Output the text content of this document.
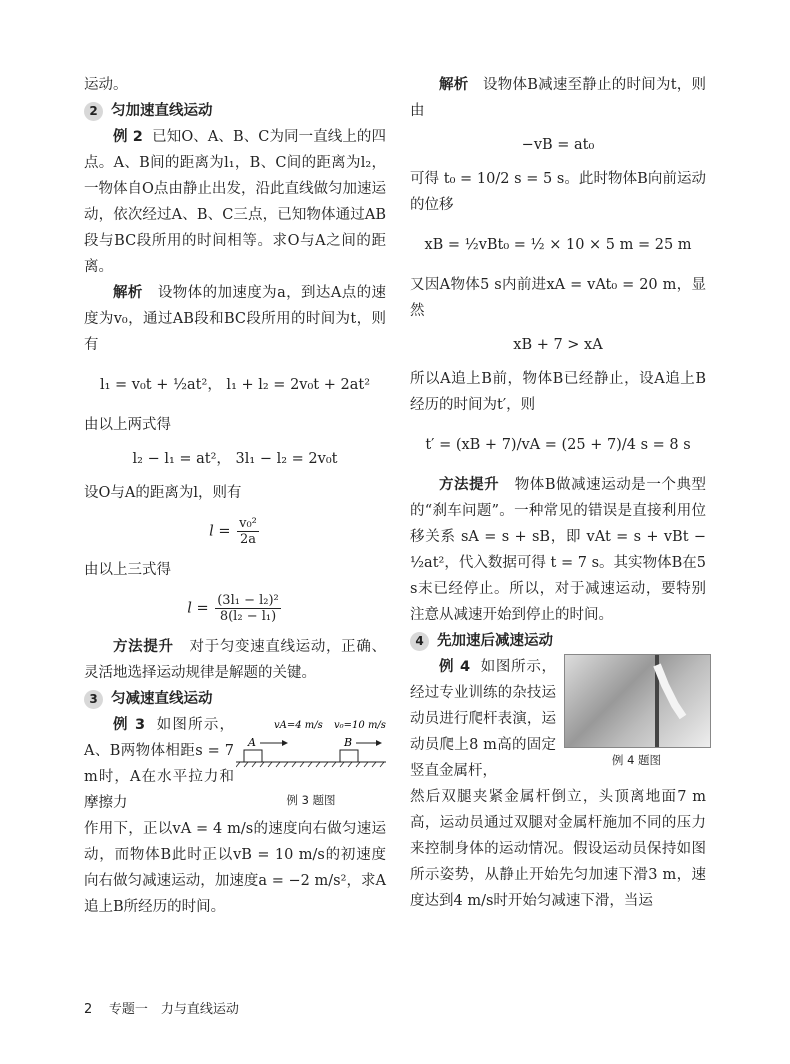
运动。

2 匀加速直线运动

例 2 已知O、A、B、C为同一直线上的四点。A、B间的距离为l₁，B、C间的距离为l₂，一物体自O点由静止出发，沿此直线做匀加速运动，依次经过A、B、C三点，已知物体通过AB段与BC段所用的时间相等。求O与A之间的距离。

解析 设物体的加速度为a，到达A点的速度为v₀，通过AB段和BC段所用的时间为t，则有

l₁ = v₀t + ½at²， l₁ + l₂ = 2v₀t + 2at²

由以上两式得

l₂ − l₁ = at²， 3l₁ − l₂ = 2v₀t

设O与A的距离为l，则有

$l = \frac{\text{v₀²}}{2a}$

由以上三式得

$l = \frac{\text{(3l₁ − l₂)²}}{\text{8(l₂ − l₁)}}$

方法提升 对于匀变速直线运动，正确、灵活地选择运动规律是解题的关键。

3 匀减速直线运动

例 3 如图所示，A、B两物体相距s = 7 m时，A在水平拉力和摩擦力

vA=4 m/s v₀=10 m/s
A	B
例 3 题图

作用下，正以vA = 4 m/s的速度向右做匀速运动，而物体B此时正以vB = 10 m/s的初速度向右做匀减速运动，加速度a = −2 m/s²，求A追上B所经历的时间。

解析 设物体B减速至静止的时间为t，则由

−vB = at₀

可得 t₀ = 10/2 s = 5 s。此时物体B向前运动的位移

xB = ½vBt₀ = ½ × 10 × 5 m = 25 m

又因A物体5 s内前进xA = vAt₀ = 20 m，显然

xB + 7 > xA

所以A追上B前，物体B已经静止，设A追上B经历的时间为t′，则

t′ = (xB + 7)/vA = (25 + 7)/4 s = 8 s

方法提升 物体B做减速运动是一个典型的“刹车问题”。一种常见的错误是直接利用位移关系 sA = s + sB，即 vAt = s + vBt − ½at²，代入数据可得 t = 7 s。其实物体B在5 s末已经停止。所以，对于减速运动，要特别注意从减速开始到停止的时间。

4 先加速后减速运动

例 4 如图所示，经过专业训练的杂技运动员进行爬杆表演，运动员爬上8 m高的固定竖直金属杆，

例 4 题图

然后双腿夹紧金属杆倒立，头顶离地面7 m高，运动员通过双腿对金属杆施加不同的压力来控制身体的运动情况。假设运动员保持如图所示姿势，从静止开始先匀加速下滑3 m，速度达到4 m/s时开始匀减速下滑，当运

2 专题一　力与直线运动
